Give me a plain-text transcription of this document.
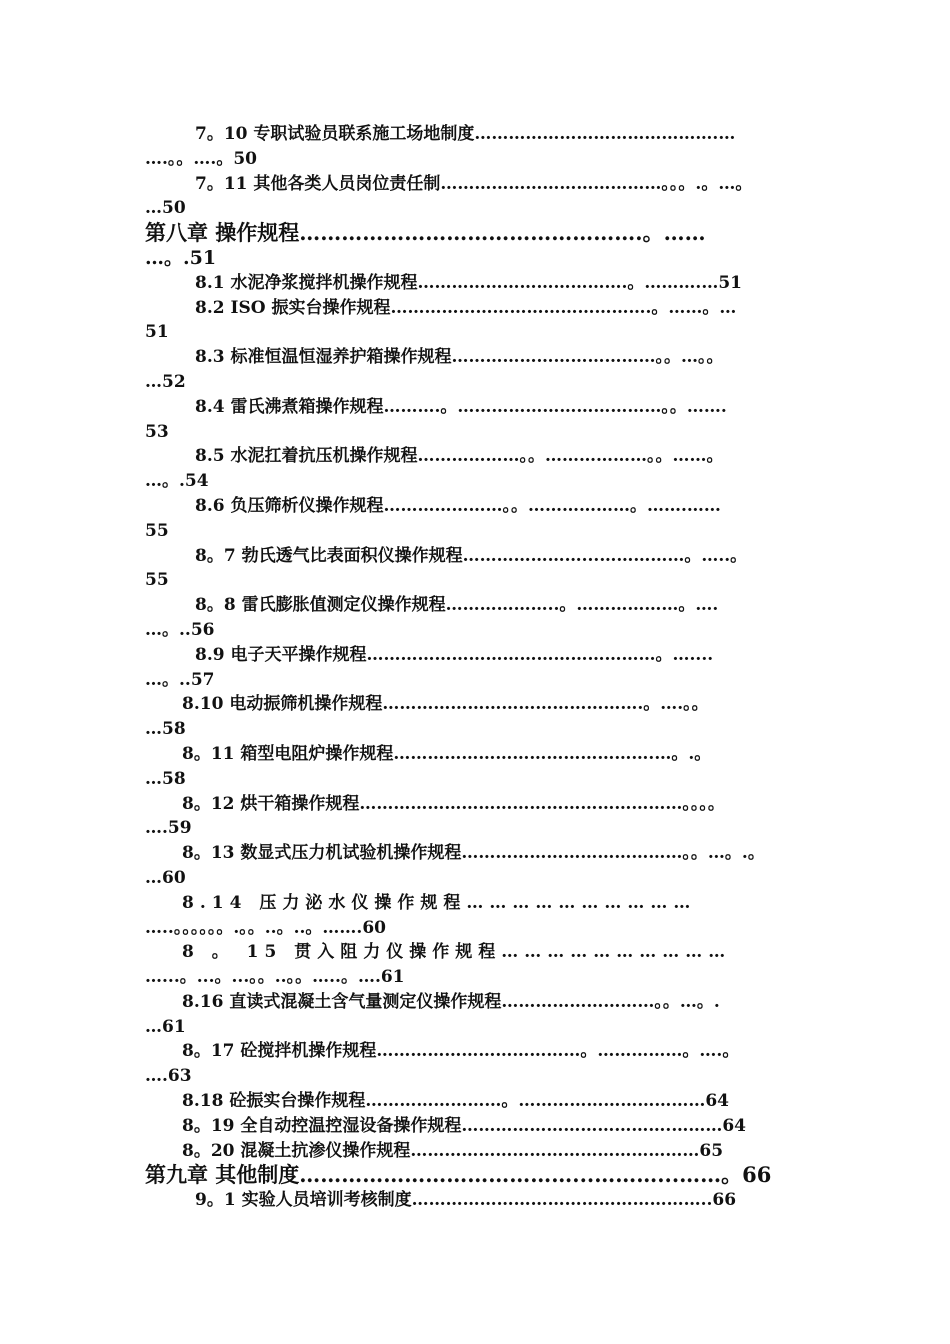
7。10 专职试验员联系施工场地制度…………………………………….…
….。。….。50
7。11 其他各类人员岗位责任制…………………………………。。。.。…。
…50
第八章 操作规程………………………………………….。……
…。.51
8.1 水泥净浆搅拌机操作规程……………………………….。……….…51
8.2 ISO 振实台操作规程……………………………………….。……。…
51
8.3 标准恒温恒湿养护箱操作规程………………………………。。…。。
…52
8.4 雷氏沸煮箱操作规程……….。………………………………。。…….
53
8.5 水泥扛着抗压机操作规程………………。。………………。。……。
…。.54
8.6 负压筛析仪操作规程…………………。。………………。…….……
55
8。7 勃氏透气比表面积仪操作规程…………………...……………。…..。
55
8。8 雷氏膨胀值测定仪操作规程………………..。………………。….
…。..56
8.9 电子天平操作规程……………………………………………。…....
…。..57
8.10 电动振筛机操作规程……………………………………….。….。。
…58
8。11 箱型电阻炉操作规程……………………………………….…。.。
…58
8。12 烘干箱操作规程…………………………………………………。。。。
….59
8。13 数显式压力机试验机操作规程…………………………………。。…。.。
…60
8.14 压力泌水仪操作规程…………………………
…..。。。。。。.。。..。..。…….60
8 。 15 贯入阻力仪操作规程…………………………
…...。...。...。。..。。…..。….61
8.16 直读式混凝土含气量测定仪操作规程………………………。。…。.
…61
8。17 砼搅拌机操作规程………………………………。……………。….。
….63
8.18 砼振实台操作规程……………………。……………………………64
8。19 全自动控温控湿设备操作规程……………………………….………64
8。20 混凝土抗渗仪操作规程……………………………………………65
第九章 其他制度…………………………………...………...……。66
9。1 实验人员培训考核制度……………………………………………..66
